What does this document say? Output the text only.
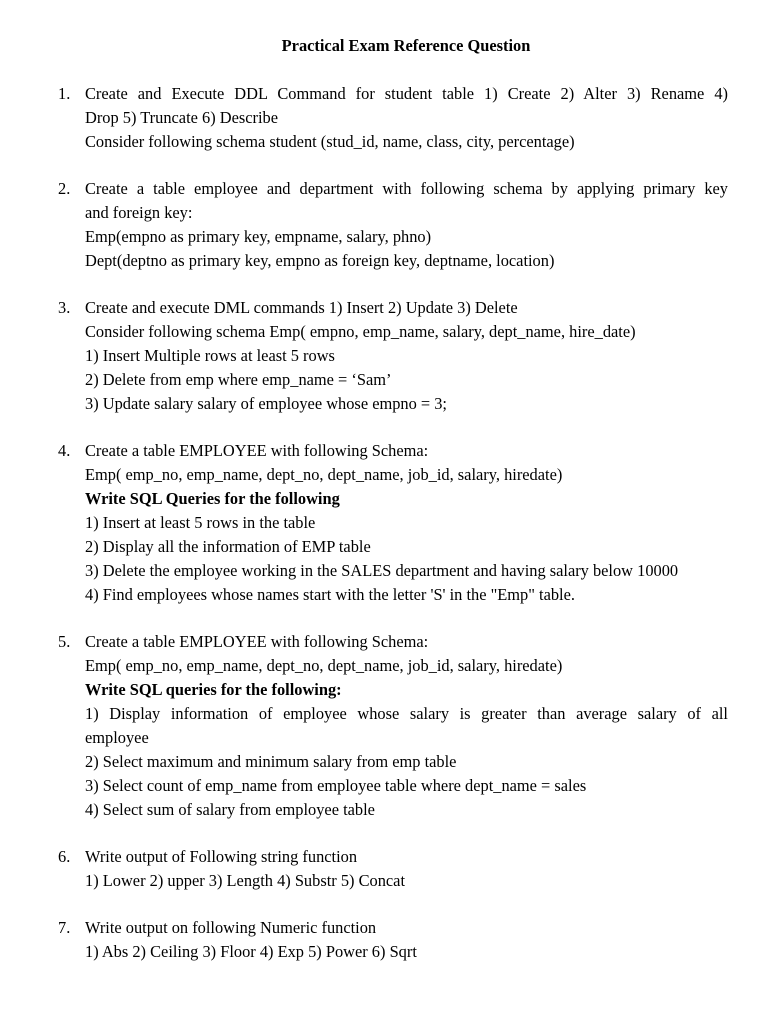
Practical Exam Reference Question
1. Create and Execute DDL Command for student table 1) Create 2) Alter 3) Rename 4)
Drop 5) Truncate 6) Describe
Consider following schema student (stud_id, name, class, city, percentage)
2. Create a table employee and department with following schema by applying primary key
and foreign key:
Emp(empno as primary key, empname, salary, phno)
Dept(deptno as primary key, empno as foreign key, deptname, location)
3. Create and execute DML commands 1) Insert 2) Update 3) Delete
Consider following schema Emp( empno, emp_name, salary, dept_name, hire_date)
1) Insert Multiple rows at least 5 rows
2) Delete from emp where emp_name = ‘Sam’
3) Update salary salary of employee whose empno = 3;
4. Create a table EMPLOYEE with following Schema:
Emp( emp_no, emp_name, dept_no, dept_name, job_id, salary, hiredate)
Write SQL Queries for the following
1) Insert at least 5 rows in the table
2) Display all the information of EMP table
3) Delete the employee working in the SALES department and having salary below 10000
4) Find employees whose names start with the letter 'S' in the "Emp" table.
5. Create a table EMPLOYEE with following Schema:
Emp( emp_no, emp_name, dept_no, dept_name, job_id, salary, hiredate)
Write SQL queries for the following:
1) Display information of employee whose salary is greater than average salary of all
employee
2) Select maximum and minimum salary from emp table
3) Select count of emp_name from employee table where dept_name = sales
4) Select sum of salary from employee table
6. Write output of Following string function
1) Lower 2) upper 3) Length 4) Substr 5) Concat
7. Write output on following Numeric function
1) Abs 2) Ceiling 3) Floor 4) Exp 5) Power 6) Sqrt
